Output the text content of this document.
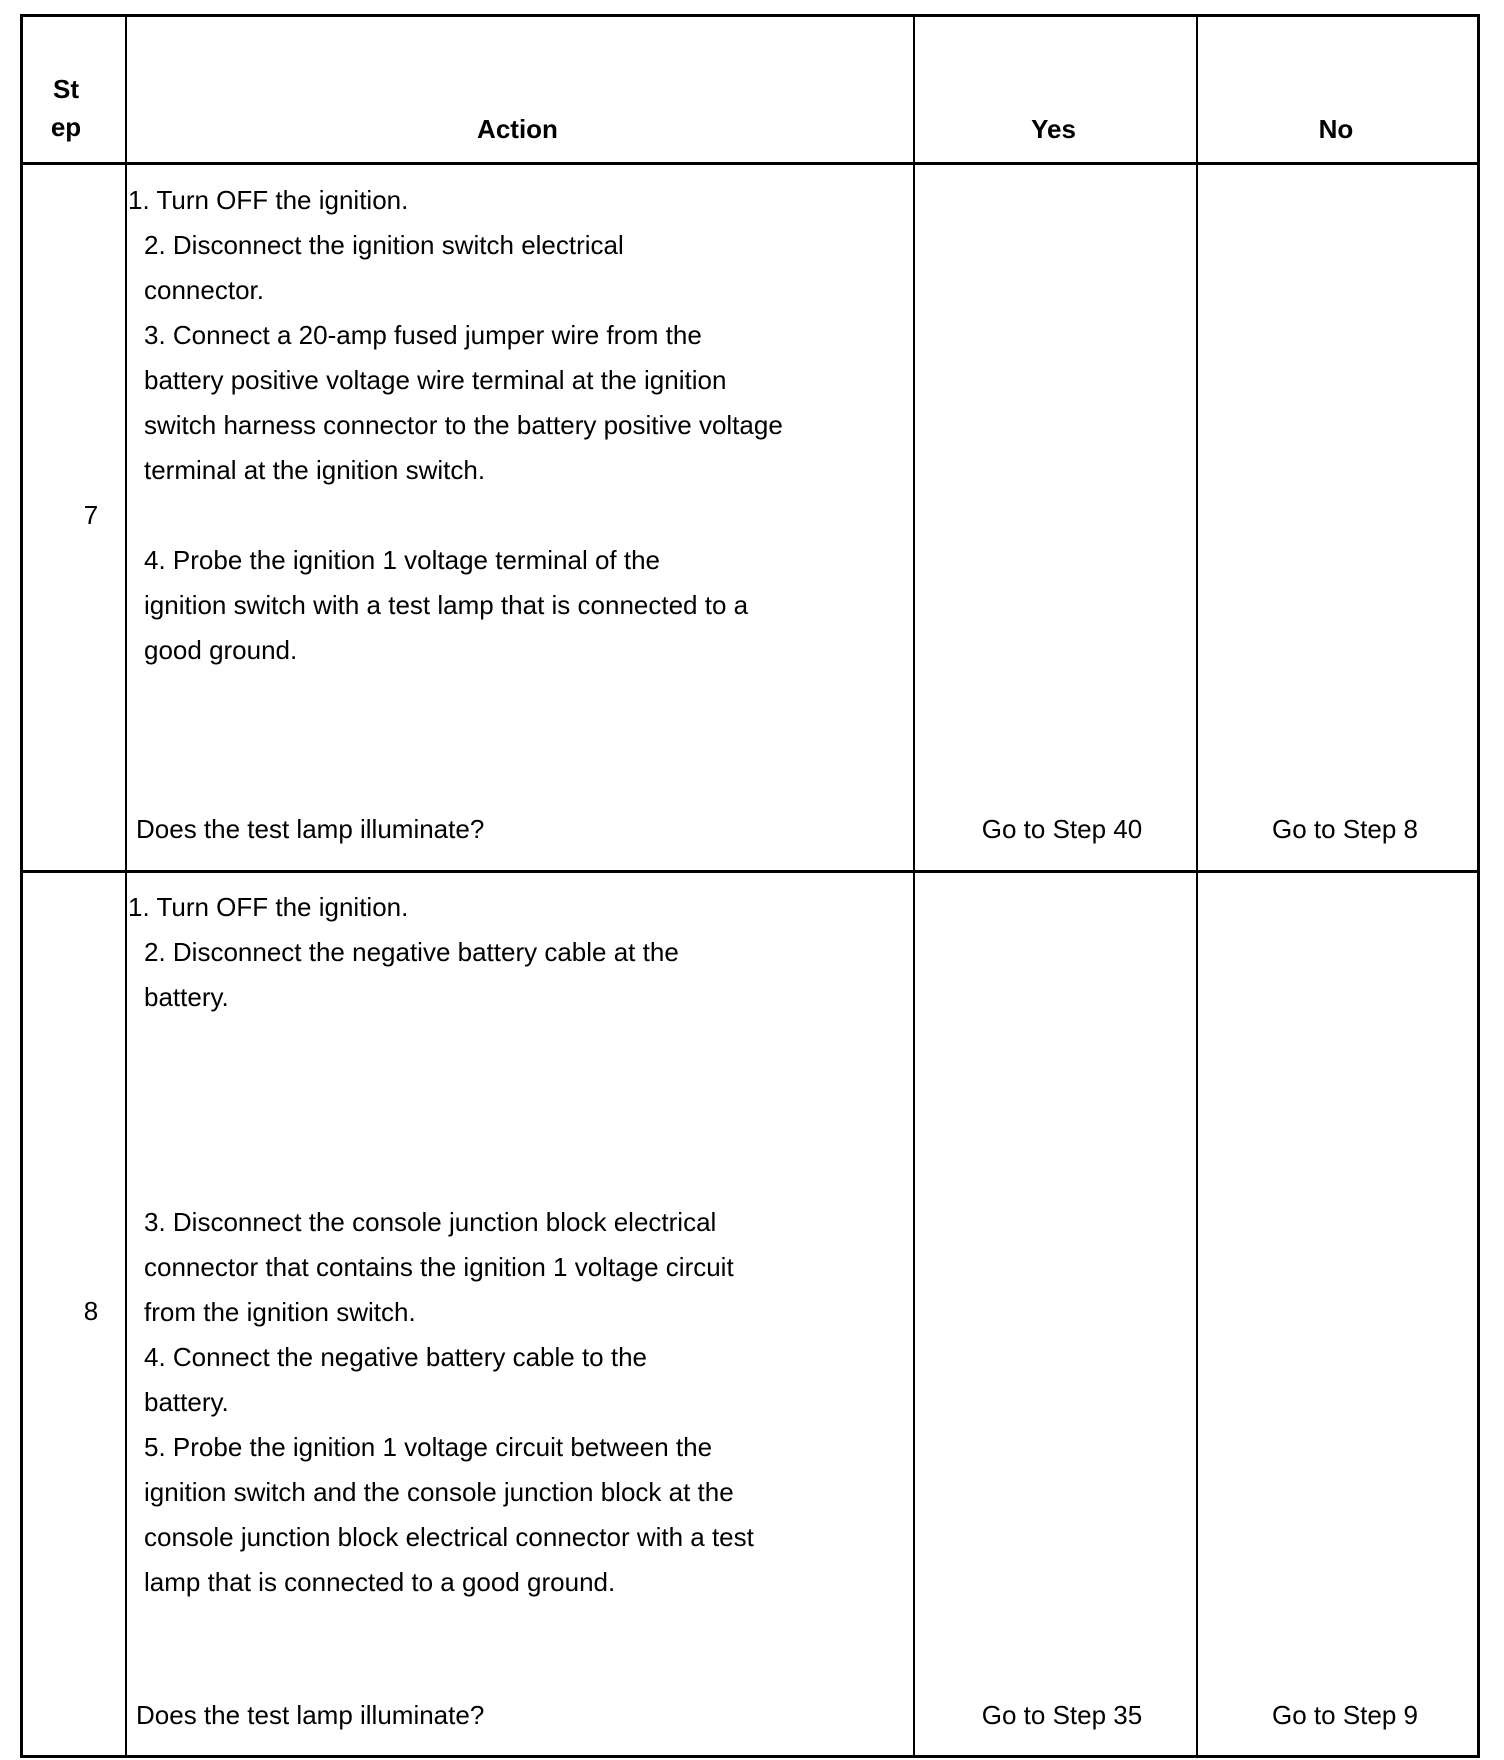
St
ep	Action	Yes	No
7

1. Turn OFF the ignition.

2. Disconnect the ignition switch electrical

connector.

3. Connect a 20-amp fused jumper wire from the

battery positive voltage wire terminal at the ignition

switch harness connector to the battery positive voltage

terminal at the ignition switch.

4. Probe the ignition 1 voltage terminal of the

ignition switch with a test lamp that is connected to a

good ground.

Does the test lamp illuminate?	Go to Step 40	Go to Step 8
8

1. Turn OFF the ignition.

2. Disconnect the negative battery cable at the

battery.

3. Disconnect the console junction block electrical

connector that contains the ignition 1 voltage circuit

from the ignition switch.

4. Connect the negative battery cable to the

battery.

5. Probe the ignition 1 voltage circuit between the

ignition switch and the console junction block at the

console junction block electrical connector with a test

lamp that is connected to a good ground.

Does the test lamp illuminate?	Go to Step 35	Go to Step 9
